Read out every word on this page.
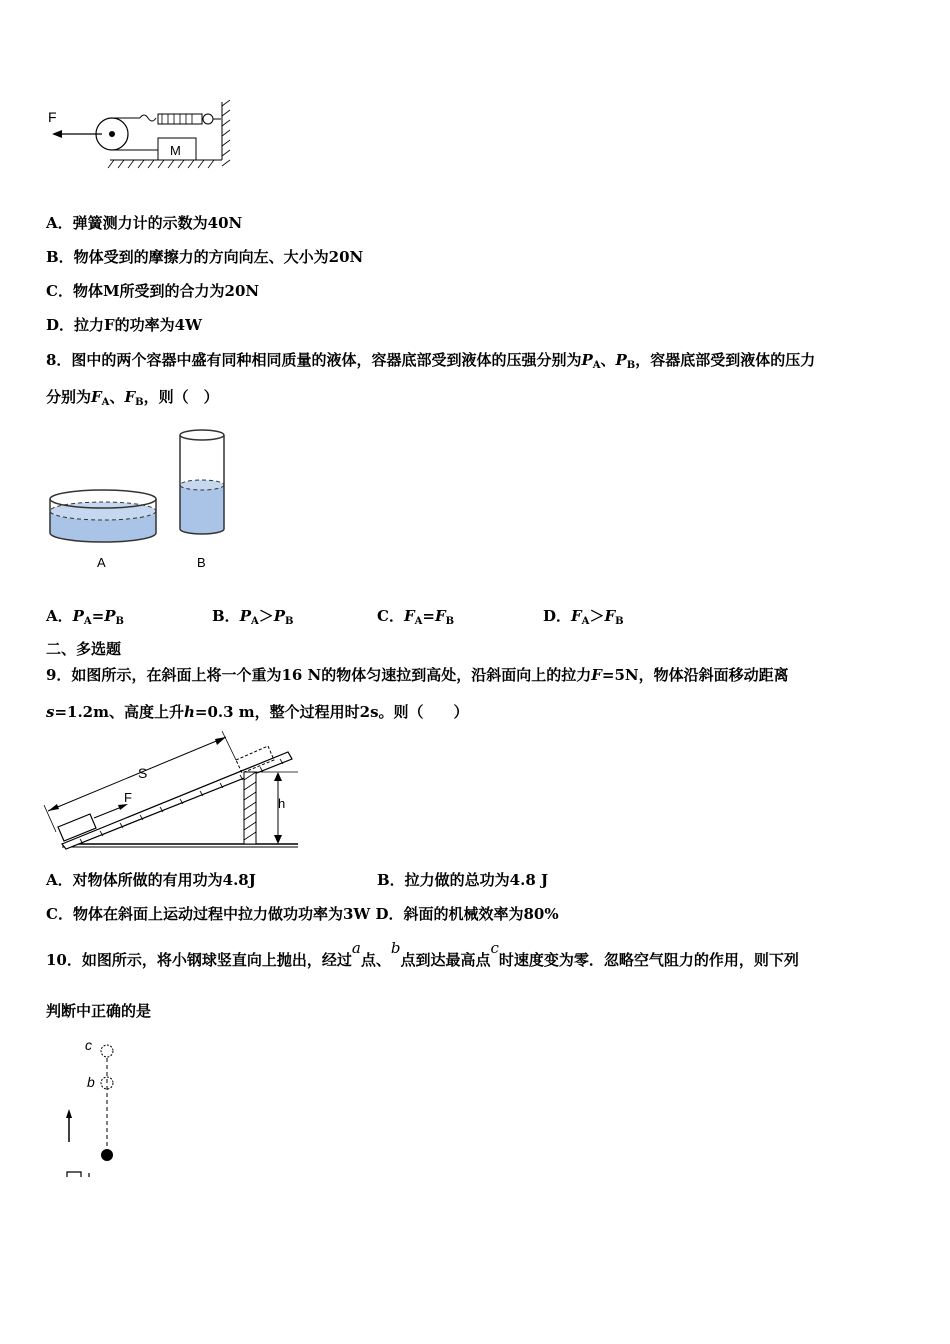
F
M
A．弹簧测力计的示数为40N
B．物体受到的摩擦力的方向向左、大小为20N
C．物体M所受到的合力为20N
D．拉力F的功率为4W
8．图中的两个容器中盛有同种相同质量的液体，容器底部受到液体的压强分别为$P_A$、$P_B$，容器底部受到液体的压力
分别为$F_A$、$F_B$，则（　）
A	B
A．$P_A=P_B$	B．$P_A>P_B$	C．$F_A=F_B$	D．$F_A>F_B$
二、多选题
9．如图所示，在斜面上将一个重为16 N的物体匀速拉到高处，沿斜面向上的拉力F=5N，物体沿斜面移动距离
s=1.2m、高度上升h=0.3 m，整个过程用时2s。则（　　）
S
F	h
A．对物体所做的有用功为4.8J	B．拉力做的总功为4.8 J
C．物体在斜面上运动过程中拉力做功功率为3W D．斜面的机械效率为80%
10．如图所示，将小钢球竖直向上抛出，经过a点、b点到达最高点c时速度变为零．忽略空气阻力的作用，则下列
判断中正确的是
c
b
